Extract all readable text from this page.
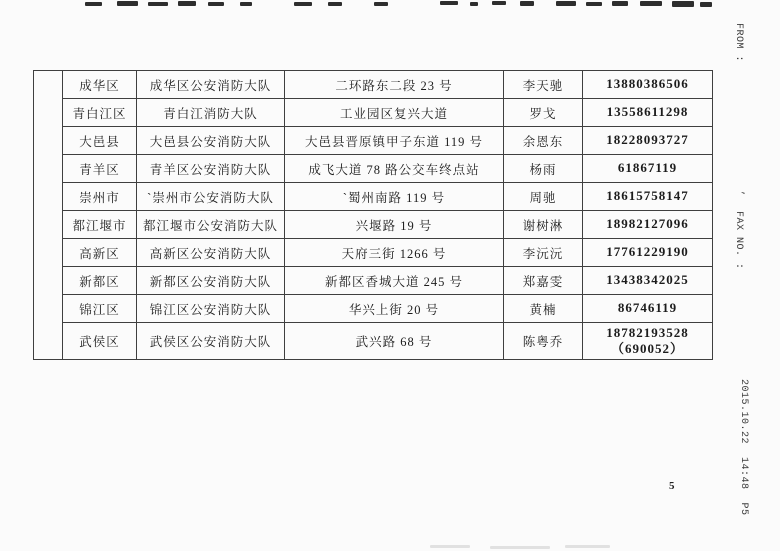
	成华区	成华区公安消防大队	二环路东二段 23 号	李天驰	13880386506

	青白江区	青白江消防大队	工业园区复兴大道	罗戈	13558611298

	大邑县	大邑县公安消防大队	大邑县晋原镇甲子东道 119 号	余恩东	18228093727

	青羊区	青羊区公安消防大队	成飞大道 78 路公交车终点站	杨雨	61867119

	崇州市	`崇州市公安消防大队	`蜀州南路 119 号	周驰	18615758147

	都江堰市	都江堰市公安消防大队	兴堰路 19 号	谢树淋	18982127096

	高新区	高新区公安消防大队	天府三街 1266 号	李沅沅	17761229190

	新都区	新都区公安消防大队	新都区香城大道 245 号	郑嘉雯	13438342025

	锦江区	锦江区公安消防大队	华兴上街 20 号	黄楠	86746119

	武侯区	武侯区公安消防大队	武兴路 68 号	陈粤乔	18782193528
（690052）
FROM :
’
FAX NO. :
2015.10.22  14:48  P5
5
